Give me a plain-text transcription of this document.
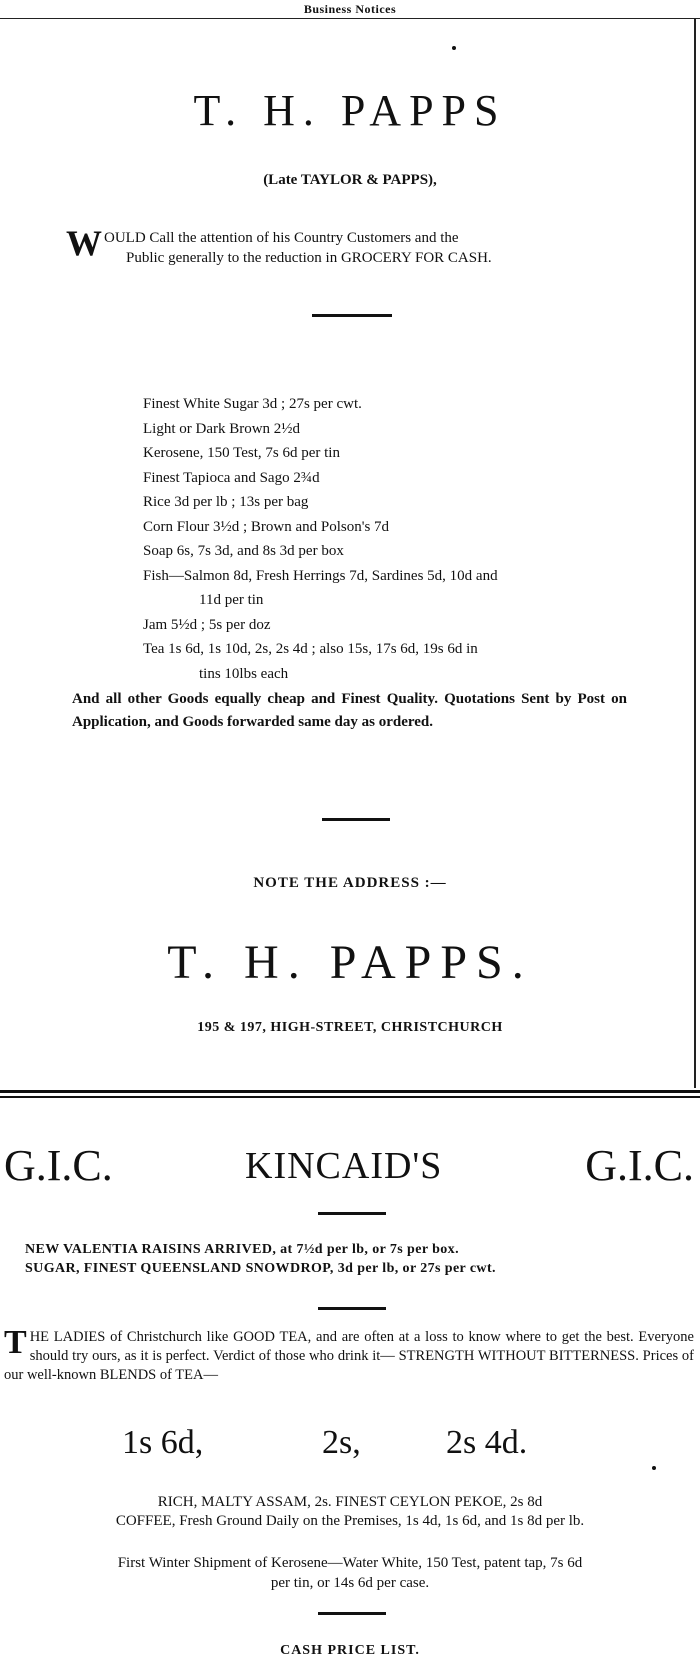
Business Notices
T. H. PAPPS
(Late TAYLOR & PAPPS),
W OULD Call the attention of his Country Customers and the
Public generally to the reduction in GROCERY FOR CASH.
Finest White Sugar 3d ; 27s per cwt.
Light or Dark Brown 2½d
Kerosene, 150 Test, 7s 6d per tin
Finest Tapioca and Sago 2¾d
Rice 3d per lb ; 13s per bag
Corn Flour 3½d ; Brown and Polson's 7d
Soap 6s, 7s 3d, and 8s 3d per box
Fish—Salmon 8d, Fresh Herrings 7d, Sardines 5d, 10d and
11d per tin
Jam 5½d ; 5s per doz
Tea 1s 6d, 1s 10d, 2s, 2s 4d ; also 15s, 17s 6d, 19s 6d in
tins 10lbs each
And all other Goods equally cheap and Finest Quality. Quotations Sent by Post on Application, and Goods forwarded same day as ordered.
NOTE THE ADDRESS :—
T. H. PAPPS.
195 & 197, HIGH-STREET, CHRISTCHURCH
G.I.C.	KINCAID'S	G.I.C.
NEW VALENTIA RAISINS ARRIVED, at 7½d per lb, or 7s per box.
SUGAR, FINEST QUEENSLAND SNOWDROP, 3d per lb, or 27s per cwt.
T HE LADIES of Christchurch like GOOD TEA, and are often at a loss to know where to get the best. Everyone should try ours, as it is perfect. Verdict of those who drink it— STRENGTH WITHOUT BITTERNESS. Prices of our well-known BLENDS of TEA—
1s 6d,	2s,	2s 4d.
RICH, MALTY ASSAM, 2s. FINEST CEYLON PEKOE, 2s 8d
COFFEE, Fresh Ground Daily on the Premises, 1s 4d, 1s 6d, and 1s 8d per lb.
First Winter Shipment of Kerosene—Water White, 150 Test, patent tap, 7s 6d
per tin, or 14s 6d per case.
CASH PRICE LIST.
